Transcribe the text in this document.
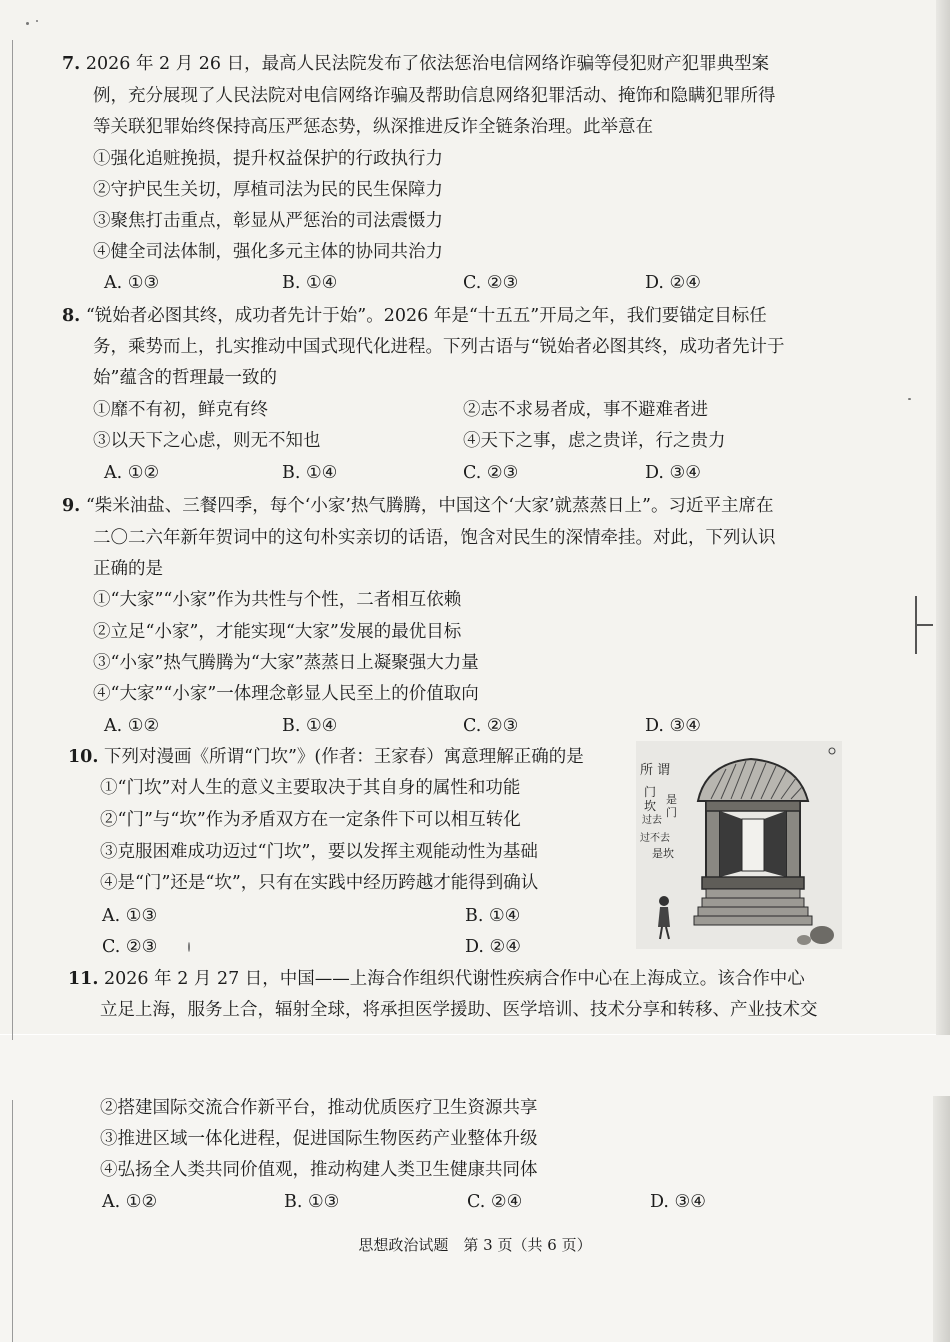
7. 2026 年 2 月 26 日，最高人民法院发布了依法惩治电信网络诈骗等侵犯财产犯罪典型案
例，充分展现了人民法院对电信网络诈骗及帮助信息网络犯罪活动、掩饰和隐瞒犯罪所得
等关联犯罪始终保持高压严惩态势，纵深推进反诈全链条治理。此举意在
①强化追赃挽损，提升权益保护的行政执行力
②守护民生关切，厚植司法为民的民生保障力
③聚焦打击重点，彰显从严惩治的司法震慑力
④健全司法体制，强化多元主体的协同共治力
A. ①③	B. ①④	C. ②③	D. ②④
8. “锐始者必图其终，成功者先计于始”。2026 年是“十五五”开局之年，我们要锚定目标任
务，乘势而上，扎实推动中国式现代化进程。下列古语与“锐始者必图其终，成功者先计于
始”蕴含的哲理最一致的
①靡不有初，鲜克有终	②志不求易者成，事不避难者进
③以天下之心虑，则无不知也	④天下之事，虑之贵详，行之贵力
A. ①②	B. ①④	C. ②③	D. ③④
9. “柴米油盐、三餐四季，每个‘小家’热气腾腾，中国这个‘大家’就蒸蒸日上”。习近平主席在
二〇二六年新年贺词中的这句朴实亲切的话语，饱含对民生的深情牵挂。对此，下列认识
正确的是
①“大家”“小家”作为共性与个性，二者相互依赖
②立足“小家”，才能实现“大家”发展的最优目标
③“小家”热气腾腾为“大家”蒸蒸日上凝聚强大力量
④“大家”“小家”一体理念彰显人民至上的价值取向
A. ①②	B. ①④	C. ②③	D. ③④
10. 下列对漫画《所谓“门坎”》(作者：王家春）寓意理解正确的是
①“门坎”对人生的意义主要取决于其自身的属性和功能
②“门”与“坎”作为矛盾双方在一定条件下可以相互转化
③克服困难成功迈过“门坎”，要以发挥主观能动性为基础
④是“门”还是“坎”，只有在实践中经历跨越才能得到确认
A. ①③	B. ①④
C. ②③	D. ②④
所 谓
门
坎
过去
是
门
过不去
是坎
11. 2026 年 2 月 27 日，中国——上海合作组织代谢性疾病合作中心在上海成立。该合作中心
立足上海，服务上合，辐射全球，将承担医学援助、医学培训、技术分享和转移、产业技术交
②搭建国际交流合作新平台，推动优质医疗卫生资源共享
③推进区域一体化进程，促进国际生物医药产业整体升级
④弘扬全人类共同价值观，推动构建人类卫生健康共同体
A. ①②	B. ①③	C. ②④	D. ③④
思想政治试题　第 3 页（共 6 页）
